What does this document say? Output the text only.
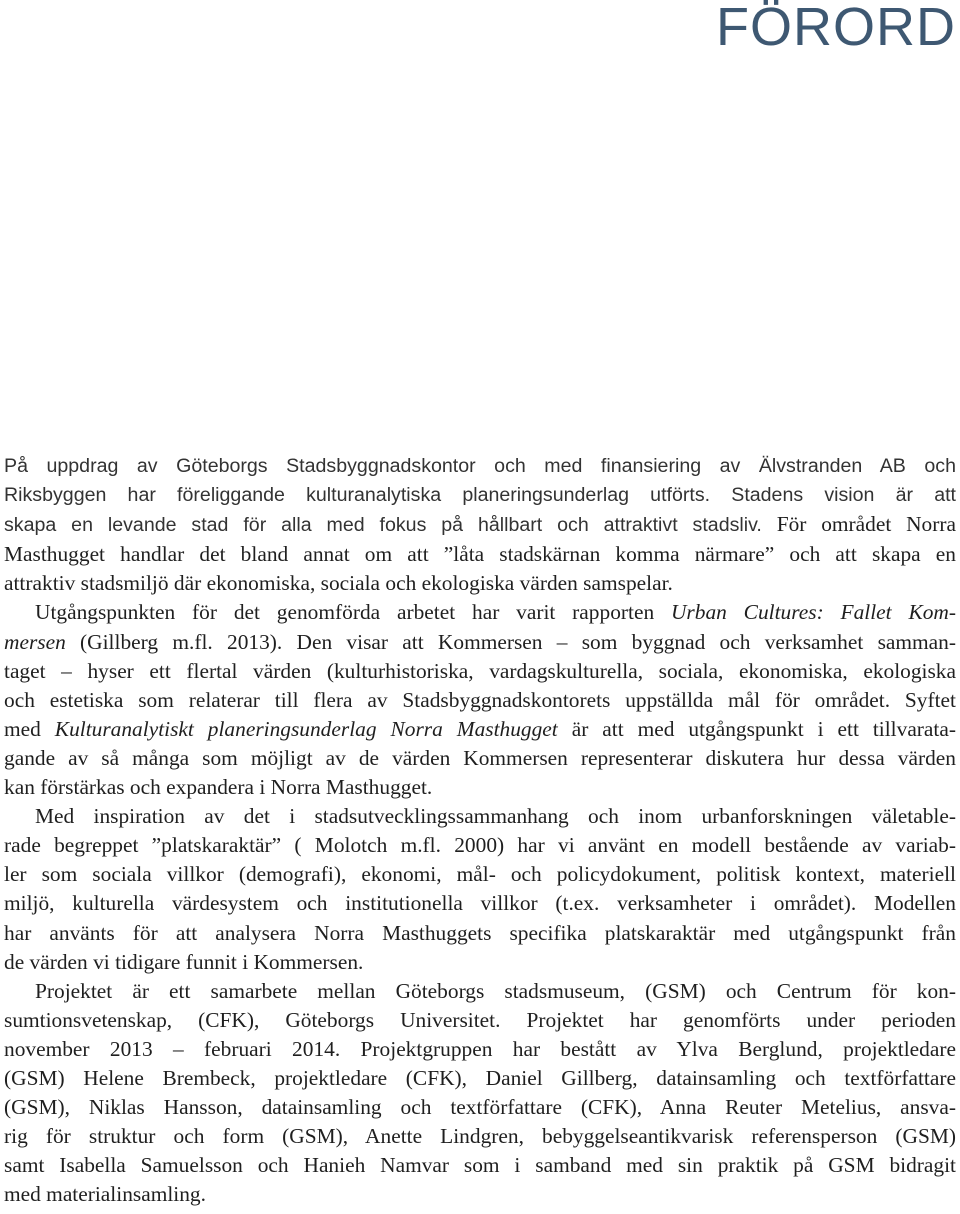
FÖRORD
På uppdrag av Göteborgs Stadsbyggnadskontor och med finansiering av Älvstranden AB och
Riksbyggen har föreliggande kulturanalytiska planeringsunderlag utförts. Stadens vision är att
skapa en levande stad för alla med fokus på hållbart och attraktivt stadsliv. För området Norra
Masthugget handlar det bland annat om att ”låta stadskärnan komma närmare” och att skapa en
attraktiv stadsmiljö där ekonomiska, sociala och ekologiska värden samspelar.
Utgångspunkten för det genomförda arbetet har varit rapporten Urban Cultures: Fallet Kom-
mersen (Gillberg m.fl. 2013). Den visar att Kommersen – som byggnad och verksamhet samman-
taget – hyser ett flertal värden (kulturhistoriska, vardagskulturella, sociala, ekonomiska, ekologiska
och estetiska som relaterar till flera av Stadsbyggnadskontorets uppställda mål för området. Syftet
med Kulturanalytiskt planeringsunderlag Norra Masthugget är att med utgångspunkt i ett tillvarata-
gande av så många som möjligt av de värden Kommersen representerar diskutera hur dessa värden
kan förstärkas och expandera i Norra Masthugget.
Med inspiration av det i stadsutvecklingssammanhang och inom urbanforskningen väletable-
rade begreppet ”platskaraktär” ( Molotch m.fl. 2000) har vi använt en modell bestående av variab-
ler som sociala villkor (demografi), ekonomi, mål- och policydokument, politisk kontext, materiell
miljö, kulturella värdesystem och institutionella villkor (t.ex. verksamheter i området). Modellen
har använts för att analysera Norra Masthuggets specifika platskaraktär med utgångspunkt från
de värden vi tidigare funnit i Kommersen.
Projektet är ett samarbete mellan Göteborgs stadsmuseum, (GSM) och Centrum för kon-
sumtionsvetenskap, (CFK), Göteborgs Universitet. Projektet har genomförts under perioden
november 2013 – februari 2014. Projektgruppen har bestått av Ylva Berglund, projektledare
(GSM) Helene Brembeck, projektledare (CFK), Daniel Gillberg, datainsamling och textförfattare
(GSM), Niklas Hansson, datainsamling och textförfattare (CFK), Anna Reuter Metelius, ansva-
rig för struktur och form (GSM), Anette Lindgren, bebyggelseantikvarisk referensperson (GSM)
samt Isabella Samuelsson och Hanieh Namvar som i samband med sin praktik på GSM bidragit
med materialinsamling.
